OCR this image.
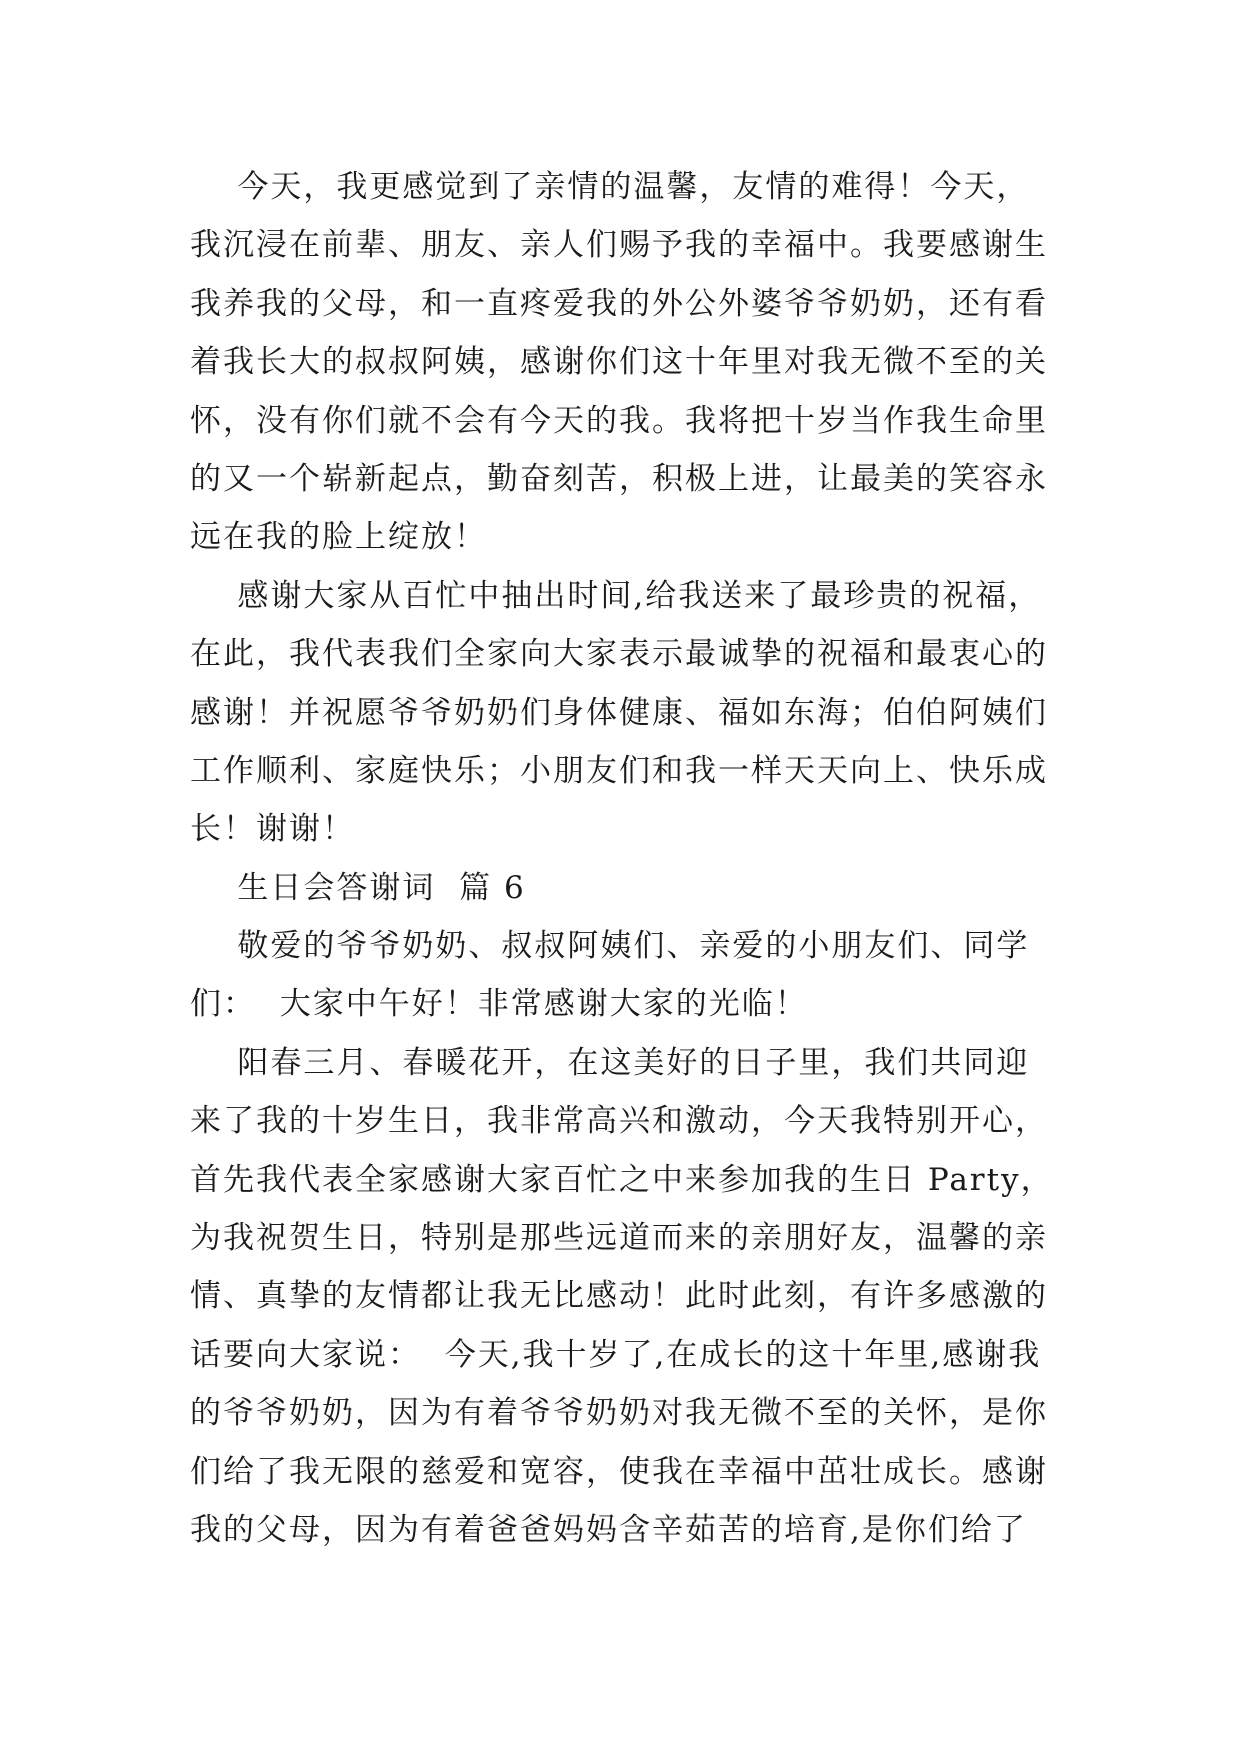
今天，我更感觉到了亲情的温馨，友情的难得！今天，
我沉浸在前辈、朋友、亲人们赐予我的幸福中。我要感谢生
我养我的父母，和一直疼爱我的外公外婆爷爷奶奶，还有看
着我长大的叔叔阿姨，感谢你们这十年里对我无微不至的关
怀，没有你们就不会有今天的我。我将把十岁当作我生命里
的又一个崭新起点，勤奋刻苦，积极上进，让最美的笑容永
远在我的脸上绽放！
感谢大家从百忙中抽出时间,给我送来了最珍贵的祝福，
在此，我代表我们全家向大家表示最诚挚的祝福和最衷心的
感谢！并祝愿爷爷奶奶们身体健康、福如东海；伯伯阿姨们
工作顺利、家庭快乐；小朋友们和我一样天天向上、快乐成
长！谢谢！
生日会答谢词  篇 6
敬爱的爷爷奶奶、叔叔阿姨们、亲爱的小朋友们、同学
们：  大家中午好！非常感谢大家的光临！
阳春三月、春暖花开，在这美好的日子里，我们共同迎
来了我的十岁生日，我非常高兴和激动，今天我特别开心，
首先我代表全家感谢大家百忙之中来参加我的生日 Party，
为我祝贺生日，特别是那些远道而来的亲朋好友，温馨的亲
情、真挚的友情都让我无比感动！此时此刻，有许多感激的
话要向大家说：  今天,我十岁了,在成长的这十年里,感谢我
的爷爷奶奶，因为有着爷爷奶奶对我无微不至的关怀，是你
们给了我无限的慈爱和宽容，使我在幸福中茁壮成长。感谢
我的父母，因为有着爸爸妈妈含辛茹苦的培育,是你们给了
